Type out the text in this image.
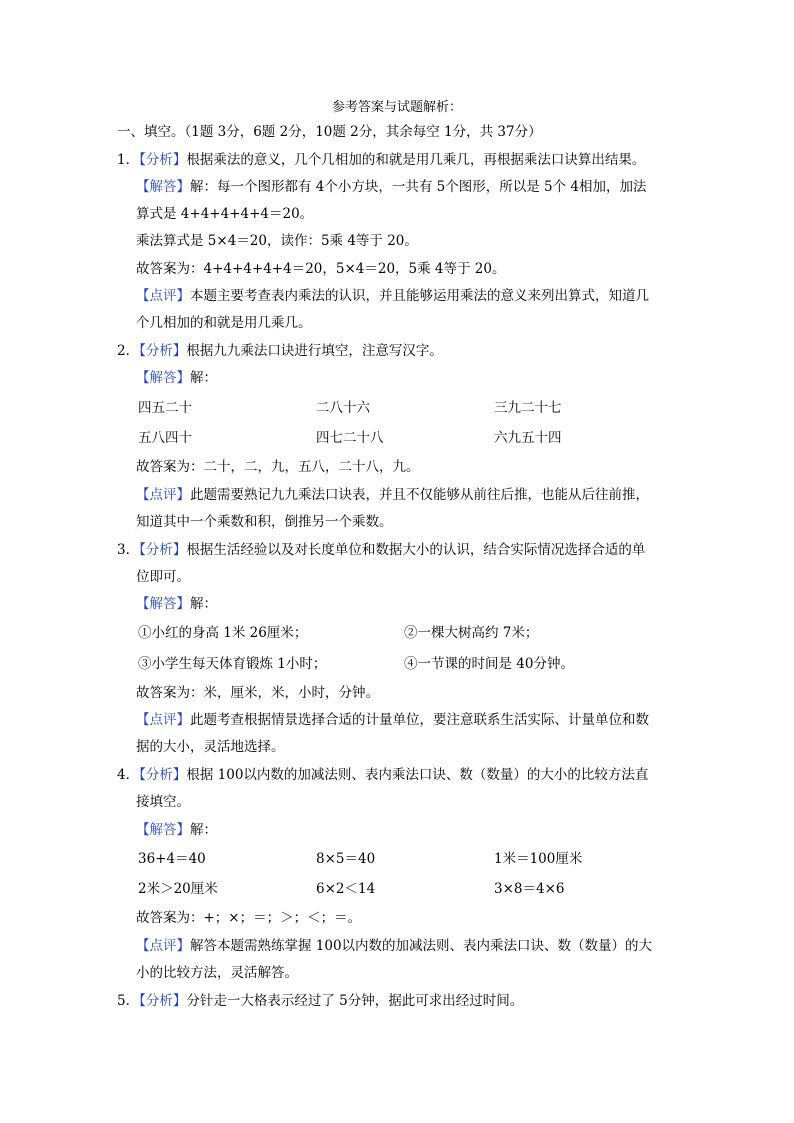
参考答案与试题解析：
一、填空。（1题 3分，6题 2分，10题 2分，其余每空 1分，共 37分）
1．【分析】根据乘法的意义，几个几相加的和就是用几乘几，再根据乘法口诀算出结果。
【解答】解：每一个图形都有 4个小方块，一共有 5个图形，所以是 5个 4相加，加法
算式是 4+4+4+4+4＝20。
乘法算式是 5×4＝20，读作：5乘 4等于 20。
故答案为：4+4+4+4+4＝20，5×4＝20，5乘 4等于 20。
【点评】本题主要考查表内乘法的认识，并且能够运用乘法的意义来列出算式，知道几
个几相加的和就是用几乘几。
2．【分析】根据九九乘法口诀进行填空，注意写汉字。
【解答】解：
四五二十	二八十六	三九二十七
五八四十	四七二十八	六九五十四
故答案为：二十，二，九，五八，二十八，九。
【点评】此题需要熟记九九乘法口诀表，并且不仅能够从前往后推，也能从后往前推，
知道其中一个乘数和积，倒推另一个乘数。
3．【分析】根据生活经验以及对长度单位和数据大小的认识，结合实际情况选择合适的单
位即可。
【解答】解：
①小红的身高 1米 26厘米；	②一棵大树高约 7米；
③小学生每天体育锻炼 1小时；	④一节课的时间是 40分钟。
故答案为：米，厘米，米，小时，分钟。
【点评】此题考查根据情景选择合适的计量单位，要注意联系生活实际、计量单位和数
据的大小，灵活地选择。
4．【分析】根据 100以内数的加减法则、表内乘法口诀、数（数量）的大小的比较方法直
接填空。
【解答】解：
36+4＝40	8×5＝40	1米＝100厘米
2米＞20厘米	6×2＜14	3×8＝4×6
故答案为：+；×；＝；＞；＜；＝。
【点评】解答本题需熟练掌握 100以内数的加减法则、表内乘法口诀、数（数量）的大
小的比较方法，灵活解答。
5．【分析】分针走一大格表示经过了 5分钟，据此可求出经过时间。
